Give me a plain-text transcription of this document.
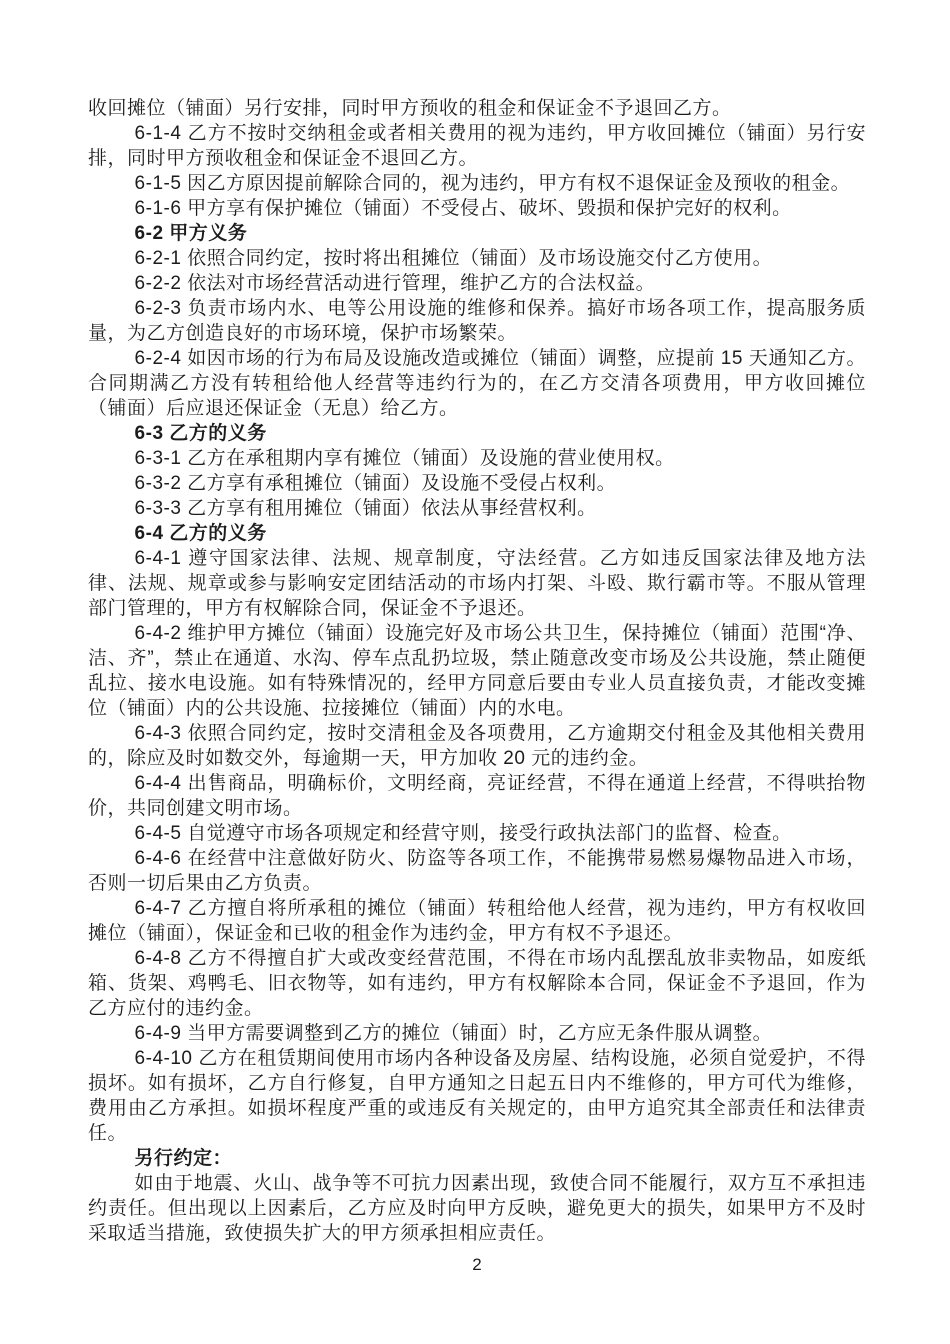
收回摊位（铺面）另行安排，同时甲方预收的租金和保证金不予退回乙方。

6-1-4 乙方不按时交纳租金或者相关费用的视为违约，甲方收回摊位（铺面）另行安排，同时甲方预收租金和保证金不退回乙方。

6-1-5 因乙方原因提前解除合同的，视为违约，甲方有权不退保证金及预收的租金。

6-1-6 甲方享有保护摊位（铺面）不受侵占、破坏、毁损和保护完好的权利。

6-2 甲方义务

6-2-1 依照合同约定，按时将出租摊位（铺面）及市场设施交付乙方使用。

6-2-2 依法对市场经营活动进行管理，维护乙方的合法权益。

6-2-3 负责市场内水、电等公用设施的维修和保养。搞好市场各项工作，提高服务质量，为乙方创造良好的市场环境，保护市场繁荣。

6-2-4 如因市场的行为布局及设施改造或摊位（铺面）调整，应提前 15 天通知乙方。合同期满乙方没有转租给他人经营等违约行为的，在乙方交清各项费用，甲方收回摊位（铺面）后应退还保证金（无息）给乙方。

6-3 乙方的义务

6-3-1 乙方在承租期内享有摊位（铺面）及设施的营业使用权。

6-3-2 乙方享有承租摊位（铺面）及设施不受侵占权利。

6-3-3 乙方享有租用摊位（铺面）依法从事经营权利。

6-4 乙方的义务

6-4-1 遵守国家法律、法规、规章制度，守法经营。乙方如违反国家法律及地方法律、法规、规章或参与影响安定团结活动的市场内打架、斗殴、欺行霸市等。不服从管理部门管理的，甲方有权解除合同，保证金不予退还。

6-4-2 维护甲方摊位（铺面）设施完好及市场公共卫生，保持摊位（铺面）范围“净、洁、齐”，禁止在通道、水沟、停车点乱扔垃圾，禁止随意改变市场及公共设施，禁止随便乱拉、接水电设施。如有特殊情况的，经甲方同意后要由专业人员直接负责，才能改变摊位（铺面）内的公共设施、拉接摊位（铺面）内的水电。

6-4-3 依照合同约定，按时交清租金及各项费用，乙方逾期交付租金及其他相关费用的，除应及时如数交外，每逾期一天，甲方加收 20 元的违约金。

6-4-4 出售商品，明确标价，文明经商，亮证经营，不得在通道上经营，不得哄抬物价，共同创建文明市场。

6-4-5 自觉遵守市场各项规定和经营守则，接受行政执法部门的监督、检查。

6-4-6 在经营中注意做好防火、防盗等各项工作，不能携带易燃易爆物品进入市场，否则一切后果由乙方负责。

6-4-7 乙方擅自将所承租的摊位（铺面）转租给他人经营，视为违约，甲方有权收回摊位（铺面），保证金和已收的租金作为违约金，甲方有权不予退还。

6-4-8 乙方不得擅自扩大或改变经营范围，不得在市场内乱摆乱放非卖物品，如废纸箱、货架、鸡鸭毛、旧衣物等，如有违约，甲方有权解除本合同，保证金不予退回，作为乙方应付的违约金。

6-4-9 当甲方需要调整到乙方的摊位（铺面）时，乙方应无条件服从调整。

6-4-10 乙方在租赁期间使用市场内各种设备及房屋、结构设施，必须自觉爱护，不得损坏。如有损坏，乙方自行修复，自甲方通知之日起五日内不维修的，甲方可代为维修，费用由乙方承担。如损坏程度严重的或违反有关规定的，由甲方追究其全部责任和法律责任。

另行约定：

如由于地震、火山、战争等不可抗力因素出现，致使合同不能履行，双方互不承担违约责任。但出现以上因素后，乙方应及时向甲方反映，避免更大的损失，如果甲方不及时采取适当措施，致使损失扩大的甲方须承担相应责任。

2
